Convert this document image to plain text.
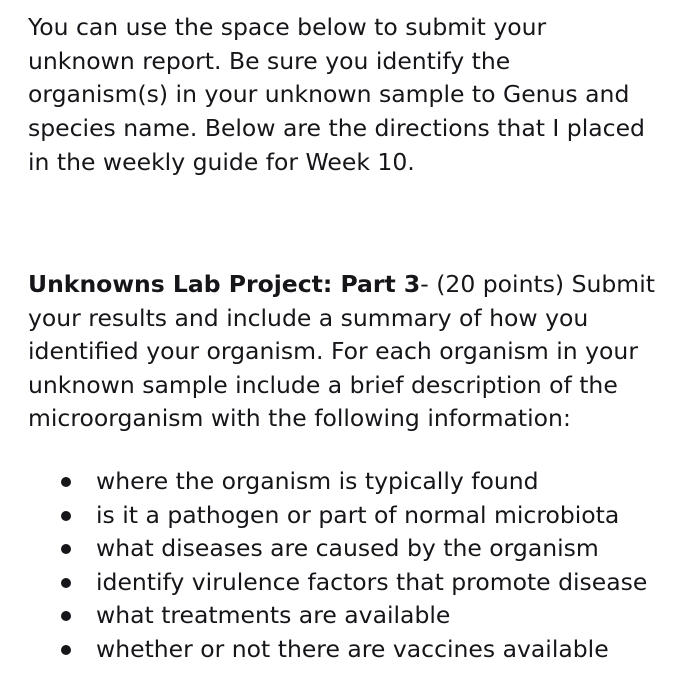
You can use the space below to submit your
unknown report. Be sure you identify the
organism(s) in your unknown sample to Genus and
species name. Below are the directions that I placed
in the weekly guide for Week 10.

Unknowns Lab Project: Part 3- (20 points) Submit
your results and include a summary of how you
identified your organism. For each organism in your
unknown sample include a brief description of the
microorganism with the following information:

where the organism is typically found
is it a pathogen or part of normal microbiota
what diseases are caused by the organism
identify virulence factors that promote disease
what treatments are available
whether or not there are vaccines available
